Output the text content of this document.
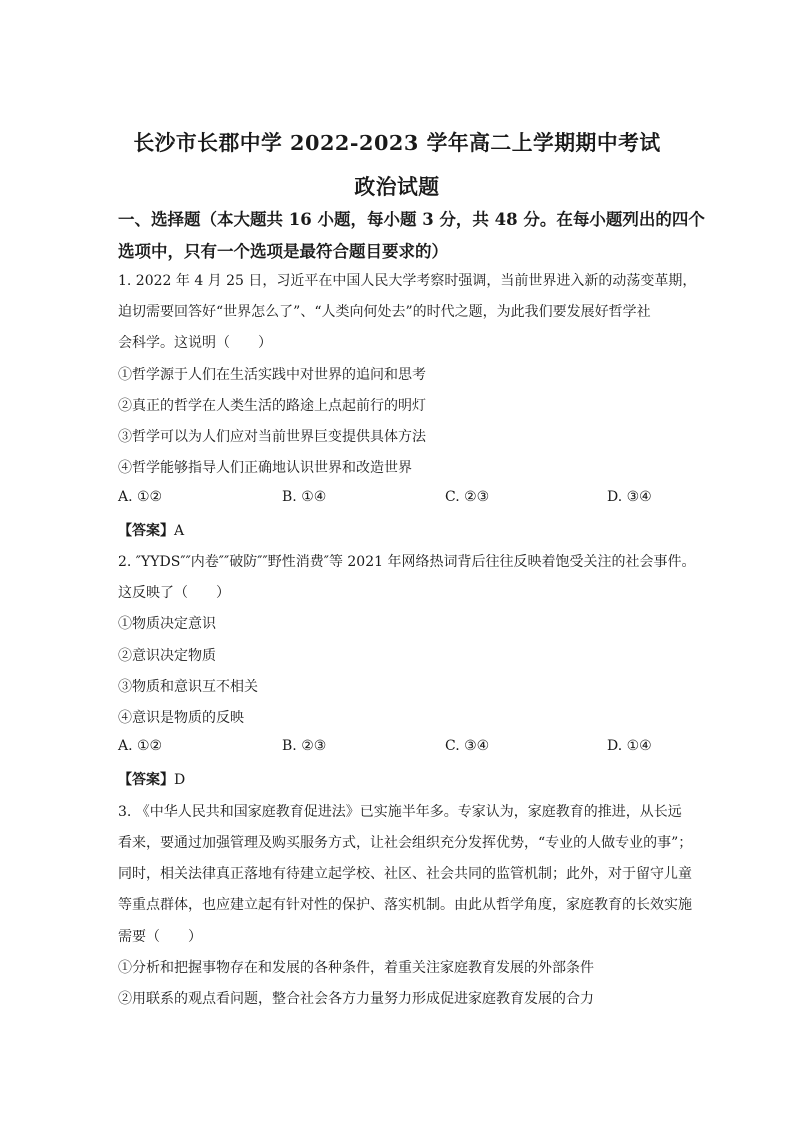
长沙市长郡中学 2022-2023 学年高二上学期期中考试
政治试题
一、选择题（本大题共 16 小题，每小题 3 分，共 48 分。在每小题列出的四个
选项中，只有一个选项是最符合题目要求的）
1. 2022 年 4 月 25 日，习近平在中国人民大学考察时强调，当前世界进入新的动荡变革期，
迫切需要回答好“世界怎么了”、“人类向何处去”的时代之题，为此我们要发展好哲学社
会科学。这说明（　　）
①哲学源于人们在生活实践中对世界的追问和思考
②真正的哲学在人类生活的路途上点起前行的明灯
③哲学可以为人们应对当前世界巨变提供具体方法
④哲学能够指导人们正确地认识世界和改造世界
A. ①②	B. ①④	C. ②③	D. ③④
【答案】A
2. ″YYDS″″内卷″″破防″″野性消费″等 2021 年网络热词背后往往反映着饱受关注的社会事件。
这反映了（　　）
①物质决定意识
②意识决定物质
③物质和意识互不相关
④意识是物质的反映
A. ①②	B. ②③	C. ③④	D. ①④
【答案】D
3. 《中华人民共和国家庭教育促进法》已实施半年多。专家认为，家庭教育的推进，从长远
看来，要通过加强管理及购买服务方式，让社会组织充分发挥优势，“专业的人做专业的事”；
同时，相关法律真正落地有待建立起学校、社区、社会共同的监管机制；此外，对于留守儿童
等重点群体，也应建立起有针对性的保护、落实机制。由此从哲学角度，家庭教育的长效实施
需要（　　）
①分析和把握事物存在和发展的各种条件，着重关注家庭教育发展的外部条件
②用联系的观点看问题，整合社会各方力量努力形成促进家庭教育发展的合力
